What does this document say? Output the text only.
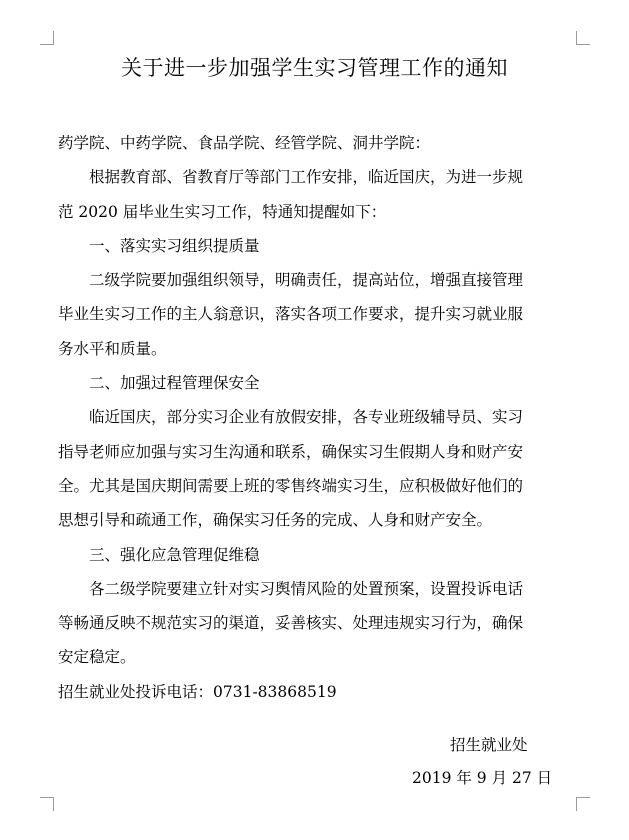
关于进一步加强学生实习管理工作的通知
药学院、中药学院、食品学院、经管学院、洞井学院：
根据教育部、省教育厅等部门工作安排，临近国庆，为进一步规
范 2020 届毕业生实习工作，特通知提醒如下：
一、落实实习组织提质量
二级学院要加强组织领导，明确责任，提高站位，增强直接管理
毕业生实习工作的主人翁意识，落实各项工作要求，提升实习就业服
务水平和质量。
二、加强过程管理保安全
临近国庆，部分实习企业有放假安排，各专业班级辅导员、实习
指导老师应加强与实习生沟通和联系，确保实习生假期人身和财产安
全。尤其是国庆期间需要上班的零售终端实习生，应积极做好他们的
思想引导和疏通工作，确保实习任务的完成、人身和财产安全。
三、强化应急管理促维稳
各二级学院要建立针对实习舆情风险的处置预案，设置投诉电话
等畅通反映不规范实习的渠道，妥善核实、处理违规实习行为，确保
安定稳定。
招生就业处投诉电话：0731-83868519
招生就业处
2019 年 9 月 27 日
